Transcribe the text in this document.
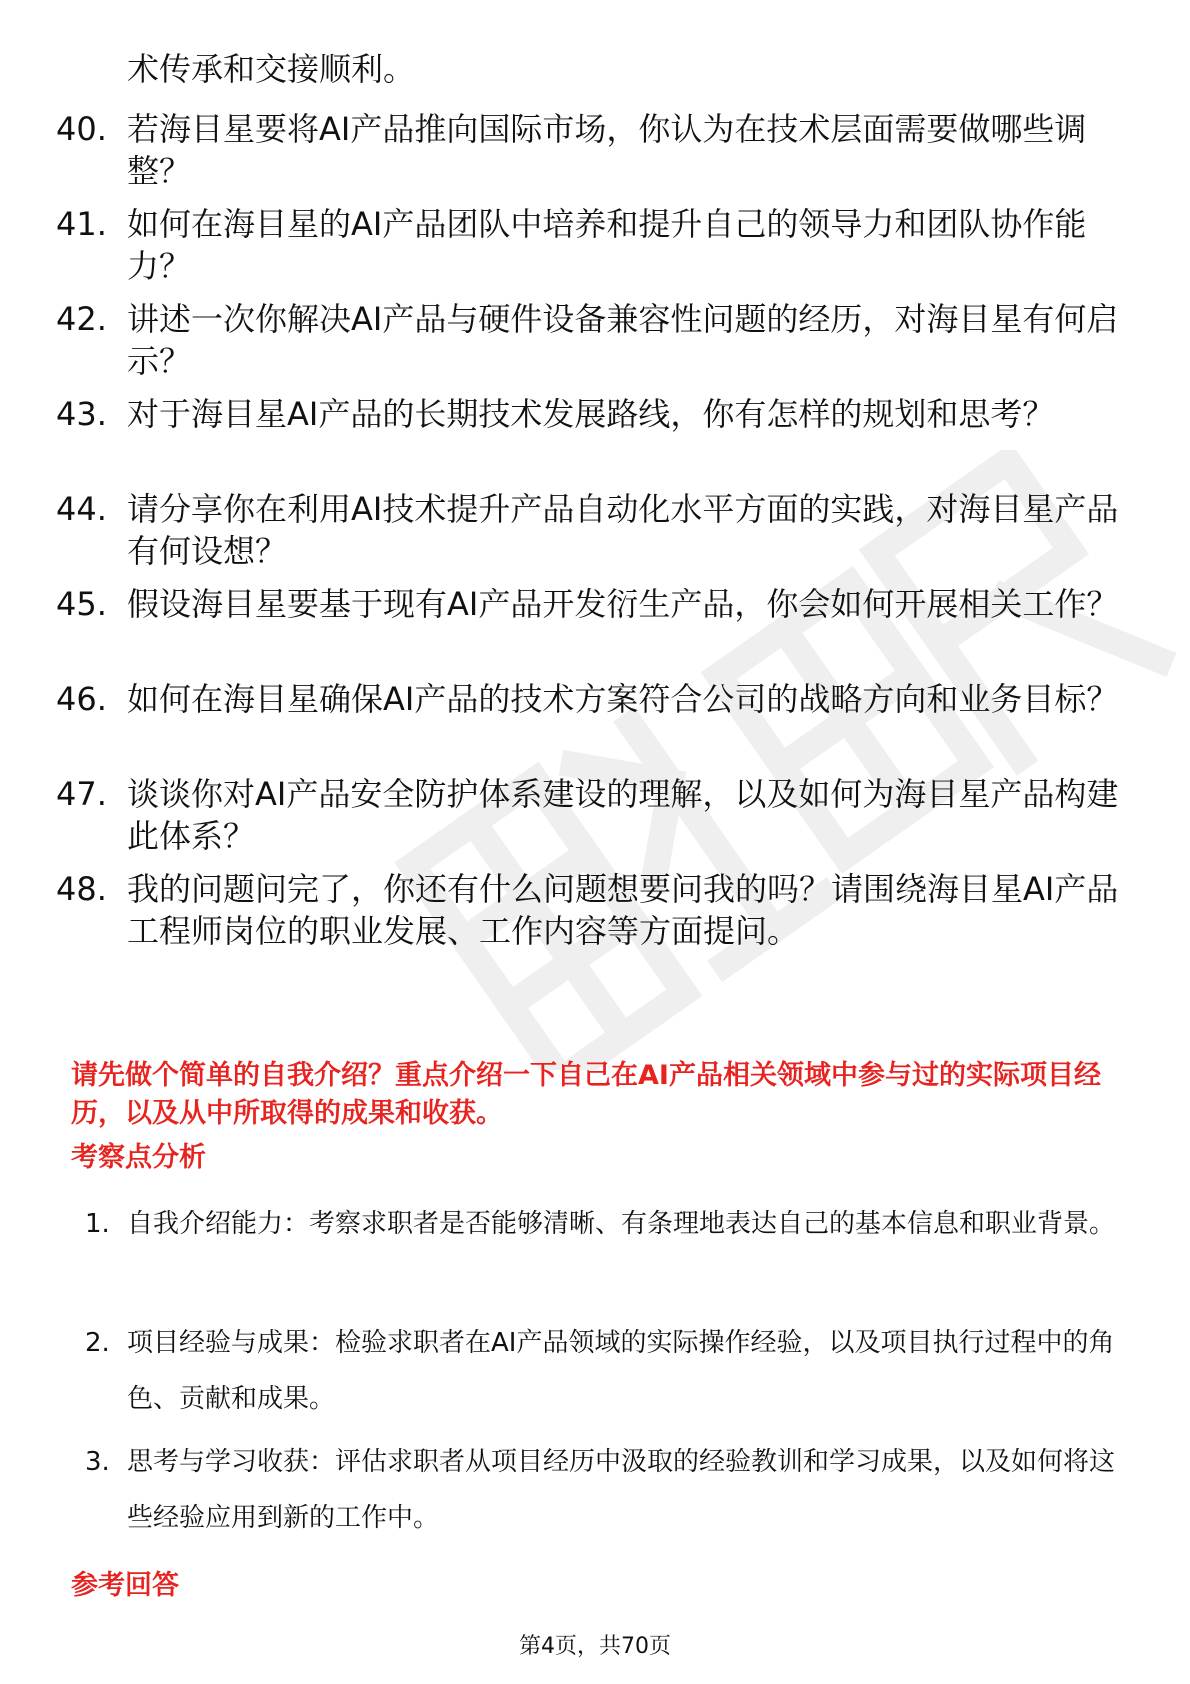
术传承和交接顺利。
40. 若海目星要将AI产品推向国际市场，你认为在技术层面需要做哪些调整？
41. 如何在海目星的AI产品团队中培养和提升自己的领导力和团队协作能力？
42. 讲述一次你解决AI产品与硬件设备兼容性问题的经历，对海目星有何启示？
43. 对于海目星AI产品的长期技术发展路线，你有怎样的规划和思考？
44. 请分享你在利用AI技术提升产品自动化水平方面的实践，对海目星产品有何设想？
45. 假设海目星要基于现有AI产品开发衍生产品，你会如何开展相关工作？
46. 如何在海目星确保AI产品的技术方案符合公司的战略方向和业务目标？
47. 谈谈你对AI产品安全防护体系建设的理解，以及如何为海目星产品构建此体系？
48. 我的问题问完了，你还有什么问题想要问我的吗？请围绕海目星AI产品工程师岗位的职业发展、工作内容等方面提问。
请先做个简单的自我介绍？重点介绍一下自己在AI产品相关领域中参与过的实际项目经历，以及从中所取得的成果和收获。
考察点分析
1. 自我介绍能力：考察求职者是否能够清晰、有条理地表达自己的基本信息和职业背景。
2. 项目经验与成果：检验求职者在AI产品领域的实际操作经验，以及项目执行过程中的角色、贡献和成果。
3. 思考与学习收获：评估求职者从项目经历中汲取的经验教训和学习成果，以及如何将这些经验应用到新的工作中。
参考回答
第4页，共70页
